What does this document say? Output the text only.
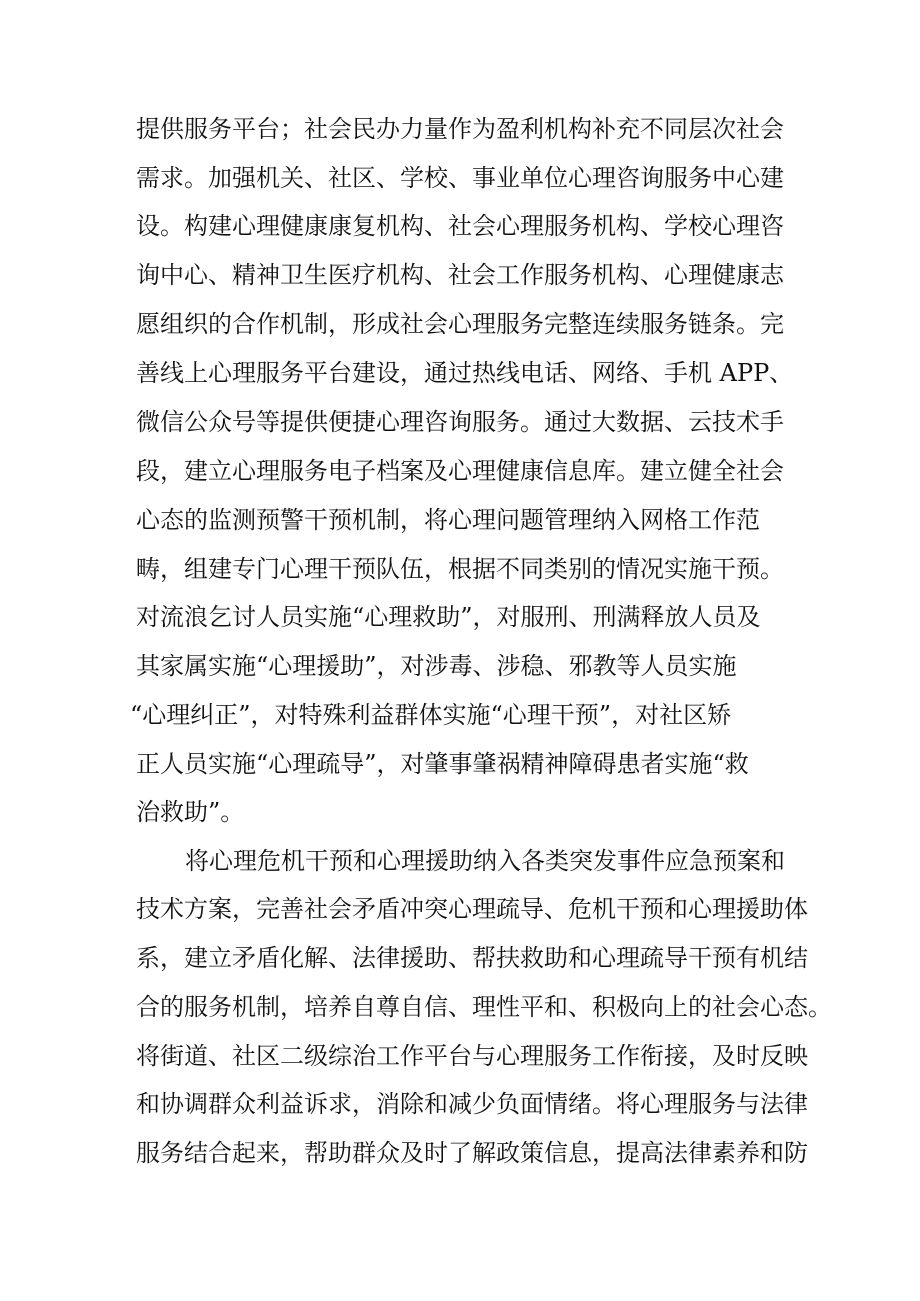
提供服务平台；社会民办力量作为盈利机构补充不同层次社会
需求。加强机关、社区、学校、事业单位心理咨询服务中心建
设。构建心理健康康复机构、社会心理服务机构、学校心理咨
询中心、精神卫生医疗机构、社会工作服务机构、心理健康志
愿组织的合作机制，形成社会心理服务完整连续服务链条。完
善线上心理服务平台建设，通过热线电话、网络、手机 APP、
微信公众号等提供便捷心理咨询服务。通过大数据、云技术手
段，建立心理服务电子档案及心理健康信息库。建立健全社会
心态的监测预警干预机制，将心理问题管理纳入网格工作范
畴，组建专门心理干预队伍，根据不同类别的情况实施干预。
对流浪乞讨人员实施“心理救助”，对服刑、刑满释放人员及
其家属实施“心理援助”，对涉毒、涉稳、邪教等人员实施
“心理纠正”，对特殊利益群体实施“心理干预”，对社区矫
正人员实施“心理疏导”，对肇事肇祸精神障碍患者实施“救
治救助”。
将心理危机干预和心理援助纳入各类突发事件应急预案和
技术方案，完善社会矛盾冲突心理疏导、危机干预和心理援助体
系，建立矛盾化解、法律援助、帮扶救助和心理疏导干预有机结
合的服务机制，培养自尊自信、理性平和、积极向上的社会心态。
将街道、社区二级综治工作平台与心理服务工作衔接，及时反映
和协调群众利益诉求，消除和减少负面情绪。将心理服务与法律
服务结合起来，帮助群众及时了解政策信息，提高法律素养和防
